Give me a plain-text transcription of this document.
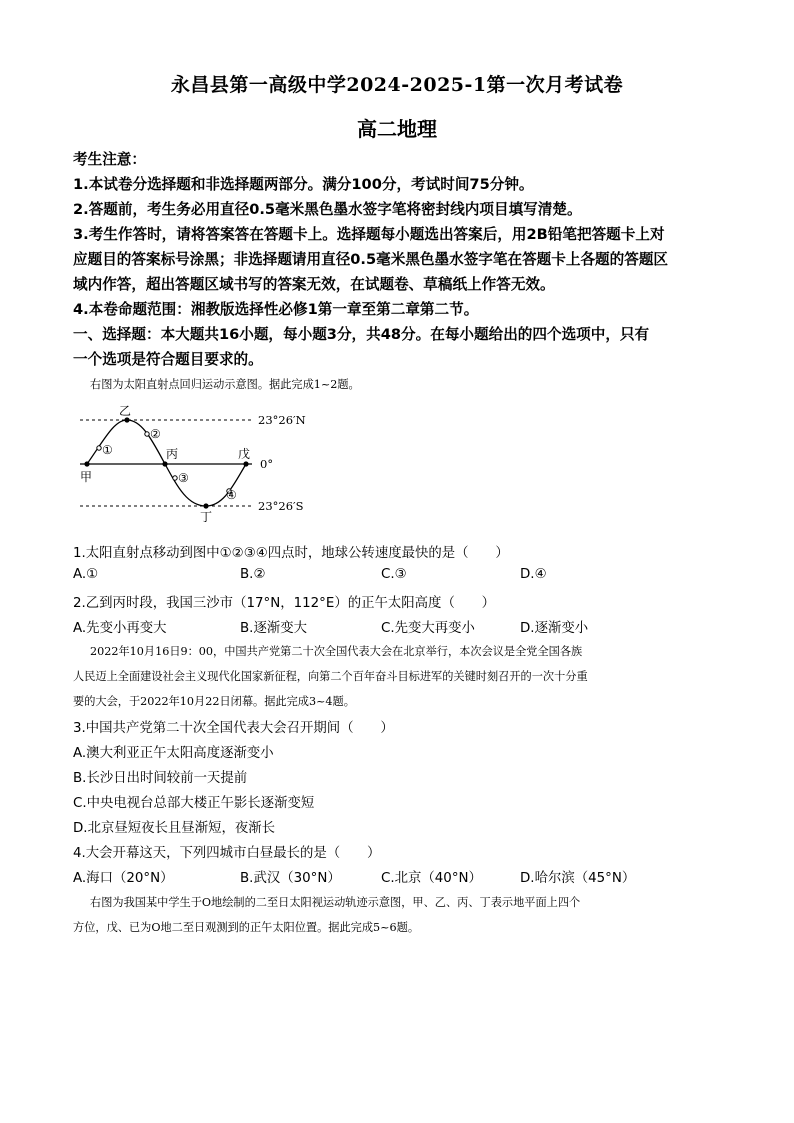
永昌县第一高级中学2024-2025-1第一次月考试卷
高二地理
考生注意：
1.本试卷分选择题和非选择题两部分。满分100分，考试时间75分钟。
2.答题前，考生务必用直径0.5毫米黑色墨水签字笔将密封线内项目填写清楚。
3.考生作答时，请将答案答在答题卡上。选择题每小题选出答案后，用2B铅笔把答题卡上对
应题目的答案标号涂黑；非选择题请用直径0.5毫米黑色墨水签字笔在答题卡上各题的答题区
域内作答，超出答题区域书写的答案无效，在试题卷、草稿纸上作答无效。
4.本卷命题范围：湘教版选择性必修1第一章至第二章第二节。
一、选择题：本大题共16小题，每小题3分，共48分。在每小题给出的四个选项中，只有
一个选项是符合题目要求的。
右图为太阳直射点回归运动示意图。据此完成1~2题。
①
②
③
④
乙
甲
丙
丁
戊
23°26′N
0°
23°26′S
1.太阳直射点移动到图中①②③④四点时，地球公转速度最快的是（　　）
A.①	B.②	C.③	D.④
2.乙到丙时段，我国三沙市（17°N，112°E）的正午太阳高度（　　）
A.先变小再变大	B.逐渐变大	C.先变大再变小	D.逐渐变小
2022年10月16日9：00，中国共产党第二十次全国代表大会在北京举行，本次会议是全党全国各族
人民迈上全面建设社会主义现代化国家新征程，向第二个百年奋斗目标进军的关键时刻召开的一次十分重
要的大会，于2022年10月22日闭幕。据此完成3~4题。
3.中国共产党第二十次全国代表大会召开期间（　　）
A.澳大利亚正午太阳高度逐渐变小
B.长沙日出时间较前一天提前
C.中央电视台总部大楼正午影长逐渐变短
D.北京昼短夜长且昼渐短，夜渐长
4.大会开幕这天，下列四城市白昼最长的是（　　）
A.海口（20°N）	B.武汉（30°N）	C.北京（40°N）	D.哈尔滨（45°N）
右图为我国某中学生于O地绘制的二至日太阳视运动轨迹示意图，甲、乙、丙、丁表示地平面上四个
方位，戊、已为O地二至日观测到的正午太阳位置。据此完成5~6题。
